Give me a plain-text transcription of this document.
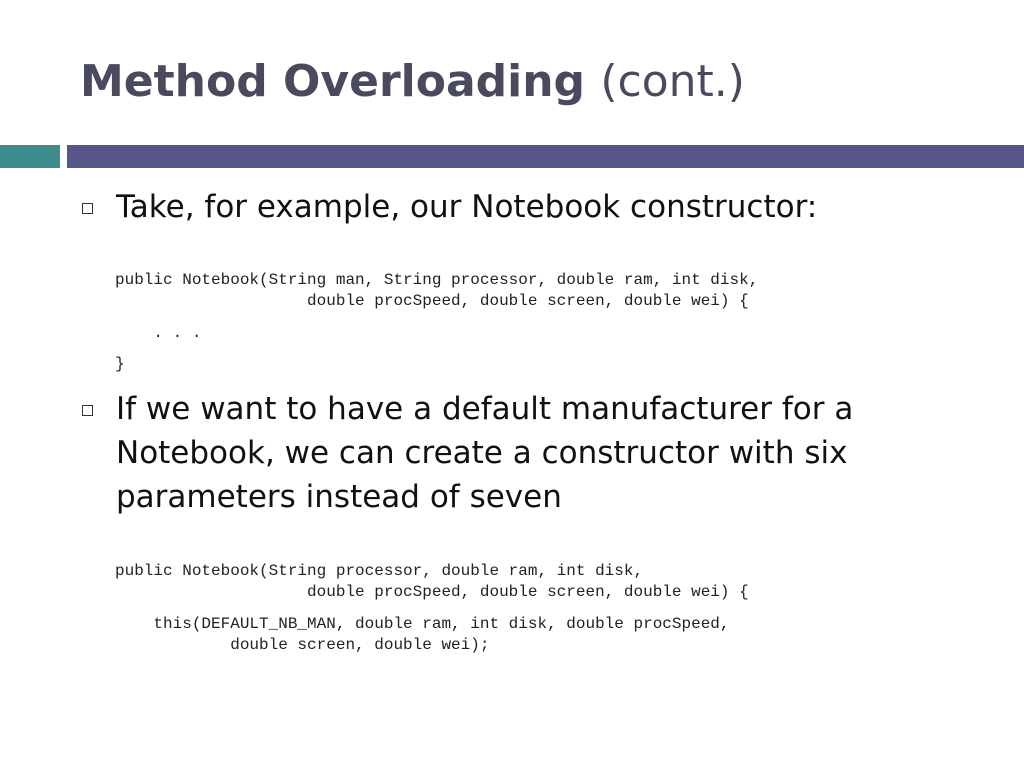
Method Overloading (cont.)
Take, for example, our Notebook constructor:
public Notebook(String man, String processor, double ram, int disk,
double procSpeed, double screen, double wei) {
. . .
}
If we want to have a default manufacturer for a Notebook, we can create a constructor with six parameters instead of seven
public Notebook(String processor, double ram, int disk,
double procSpeed, double screen, double wei) {
this(DEFAULT_NB_MAN, double ram, int disk, double procSpeed,
double screen, double wei);
